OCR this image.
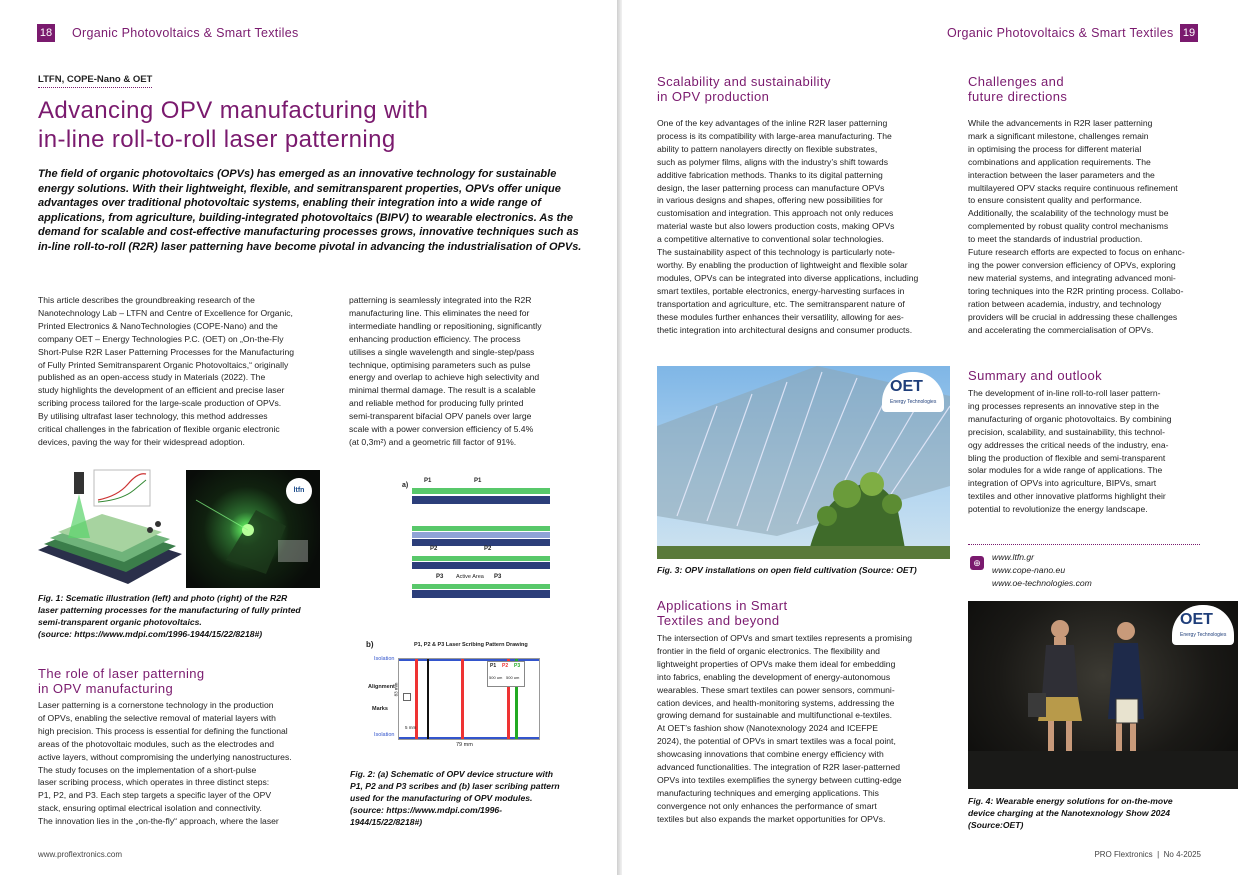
18 Organic Photovoltaics & Smart Textiles
LTFN, COPE-Nano & OET
Advancing OPV manufacturing with
in-line roll-to-roll laser patterning
The field of organic photovoltaics (OPVs) has emerged as an innovative technology for sustainable energy solutions. With their lightweight, flexible, and semitransparent properties, OPVs offer unique advantages over traditional photovoltaic systems, enabling their integration into a wide range of applications, from agriculture, building-integrated photovoltaics (BIPV) to wearable electronics. As the demand for scalable and cost-effective manufacturing processes grows, innovative techniques such as in-line roll-to-roll (R2R) laser patterning have become pivotal in advancing the industrialisation of OPVs.
This article describes the groundbreaking research of the
Nanotechnology Lab – LTFN and Centre of Excellence for Organic,
Printed Electronics & NanoTechnologies (COPE-Nano) and the
company OET – Energy Technologies P.C. (OET) on „On-the-Fly
Short-Pulse R2R Laser Patterning Processes for the Manufacturing
of Fully Printed Semitransparent Organic Photovoltaics,“ originally
published as an open-access study in Materials (2022). The
study highlights the development of an efficient and precise laser
scribing process tailored for the large-scale production of OPVs.
By utilising ultrafast laser technology, this method addresses
critical challenges in the fabrication of flexible organic electronic
devices, paving the way for their widespread adoption.
patterning is seamlessly integrated into the R2R
manufacturing line. This eliminates the need for
intermediate handling or repositioning, significantly
enhancing production efficiency. The process
utilises a single wavelength and single-step/pass
technique, optimising parameters such as pulse
energy and overlap to achieve high selectivity and
minimal thermal damage. The result is a scalable
and reliable method for producing fully printed
semi-transparent bifacial OPV panels over large
scale with a power conversion efficiency of 5.4%
(at 0,3m²) and a geometric fill factor of 91%.
ltfn
Fig. 1: Scematic illustration (left) and photo (right) of the R2R
laser patterning processes for the manufacturing of fully printed
semi-transparent organic photovoltaics.
(source: https://www.mdpi.com/1996-1944/15/22/8218#)
The role of laser patterning
in OPV manufacturing
Laser patterning is a cornerstone technology in the production
of OPVs, enabling the selective removal of material layers with
high precision. This process is essential for defining the functional
areas of the photovoltaic modules, such as the electrodes and
active layers, without compromising the underlying nanostructures.
The study focuses on the implementation of a short-pulse
laser scribing process, which operates in three distinct steps:
P1, P2, and P3. Each step targets a specific layer of the OPV
stack, ensuring optimal electrical isolation and connectivity.
The innovation lies in the „on-the-fly“ approach, where the laser
a)
P1	P1
P2	P2
P3 Active Area P3
b)	P1, P2 & P3 Laser Scribing Pattern Drawing
Isolation
Alignment
Marks
Isolation
P1 P2 P3
500 um 500 um
83 mm
5 mm
79 mm
Fig. 2: (a) Schematic of OPV device structure with
P1, P2 and P3 scribes and (b) laser scribing pattern
used for the manufacturing of OPV modules.
(source: https://www.mdpi.com/1996-
1944/15/22/8218#)
www.proflextronics.com
Organic Photovoltaics & Smart Textiles 19
Scalability and sustainability
in OPV production
One of the key advantages of the inline R2R laser patterning
process is its compatibility with large-area manufacturing. The
ability to pattern nanolayers directly on flexible substrates,
such as polymer films, aligns with the industry’s shift towards
additive fabrication methods. Thanks to its digital patterning
design, the laser patterning process can manufacture OPVs
in various designs and shapes, offering new possibilities for
customisation and integration. This approach not only reduces
material waste but also lowers production costs, making OPVs
a competitive alternative to conventional solar technologies.
The sustainability aspect of this technology is particularly note-
worthy. By enabling the production of lightweight and flexible solar
modules, OPVs can be integrated into diverse applications, including
smart textiles, portable electronics, energy-harvesting surfaces in
transportation and agriculture, etc. The semitransparent nature of
these modules further enhances their versatility, allowing for aes-
thetic integration into architectural designs and consumer products.
OET
Energy Technologies
Fig. 3: OPV installations on open field cultivation (Source: OET)
Applications in Smart
Textiles and beyond
The intersection of OPVs and smart textiles represents a promising
frontier in the field of organic electronics. The flexibility and
lightweight properties of OPVs make them ideal for embedding
into fabrics, enabling the development of energy-autonomous
wearables. These smart textiles can power sensors, communi-
cation devices, and health-monitoring systems, addressing the
growing demand for sustainable and multifunctional e-textiles.
At OET’s fashion show (Nanotexnology 2024 and ICEFPE
2024), the potential of OPVs in smart textiles was a focal point,
showcasing innovations that combine energy efficiency with
advanced functionalities. The integration of R2R laser-patterned
OPVs into textiles exemplifies the synergy between cutting-edge
manufacturing techniques and emerging applications. This
convergence not only enhances the performance of smart
textiles but also expands the market opportunities for OPVs.
Challenges and
future directions
While the advancements in R2R laser patterning
mark a significant milestone, challenges remain
in optimising the process for different material
combinations and application requirements. The
interaction between the laser parameters and the
multilayered OPV stacks require continuous refinement
to ensure consistent quality and performance.
Additionally, the scalability of the technology must be
complemented by robust quality control mechanisms
to meet the standards of industrial production.
Future research efforts are expected to focus on enhanc-
ing the power conversion efficiency of OPVs, exploring
new material systems, and integrating advanced moni-
toring techniques into the R2R printing process. Collabo-
ration between academia, industry, and technology
providers will be crucial in addressing these challenges
and accelerating the commercialisation of OPVs.
Summary and outlook
The development of in-line roll-to-roll laser pattern-
ing processes represents an innovative step in the
manufacturing of organic photovoltaics. By combining
precision, scalability, and sustainability, this technol-
ogy addresses the critical needs of the industry, ena-
bling the production of flexible and semi-transparent
solar modules for a wide range of applications. The
integration of OPVs into agriculture, BIPVs, smart
textiles and other innovative platforms highlight their
potential to revolutionize the energy landscape.
⊕
www.ltfn.gr
www.cope-nano.eu
www.oe-technologies.com
OET
Energy Technologies
Fig. 4: Wearable energy solutions for on-the-move
device charging at the Nanotexnology Show 2024
(Source:OET)
PRO Flextronics  |  No 4-2025
